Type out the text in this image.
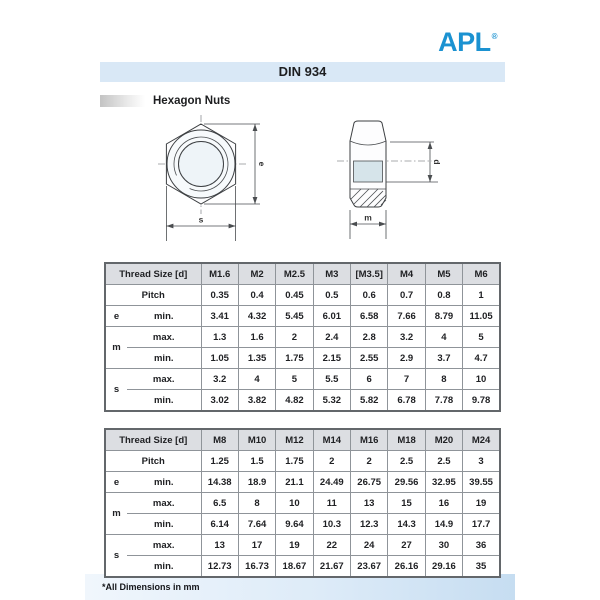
APL®
DIN 934
Hexagon Nuts
e
s
d
m
Thread Size [d]		M1.6	M2	M2.5	M3	[M3.5]	M4	M5	M6
Pitch		0.35	0.4	0.45	0.5	0.6	0.7	0.8	1
e	min.	3.41	4.32	5.45	6.01	6.58	7.66	8.79	11.05
m	max.	1.3	1.6	2	2.4	2.8	3.2	4	5
	min.	1.05	1.35	1.75	2.15	2.55	2.9	3.7	4.7
s	max.	3.2	4	5	5.5	6	7	8	10
	min.	3.02	3.82	4.82	5.32	5.82	6.78	7.78	9.78
Thread Size [d]		M8	M10	M12	M14	M16	M18	M20	M24
Pitch		1.25	1.5	1.75	2	2	2.5	2.5	3
e	min.	14.38	18.9	21.1	24.49	26.75	29.56	32.95	39.55
m	max.	6.5	8	10	11	13	15	16	19
	min.	6.14	7.64	9.64	10.3	12.3	14.3	14.9	17.7
s	max.	13	17	19	22	24	27	30	36
	min.	12.73	16.73	18.67	21.67	23.67	26.16	29.16	35
*All Dimensions in mm
